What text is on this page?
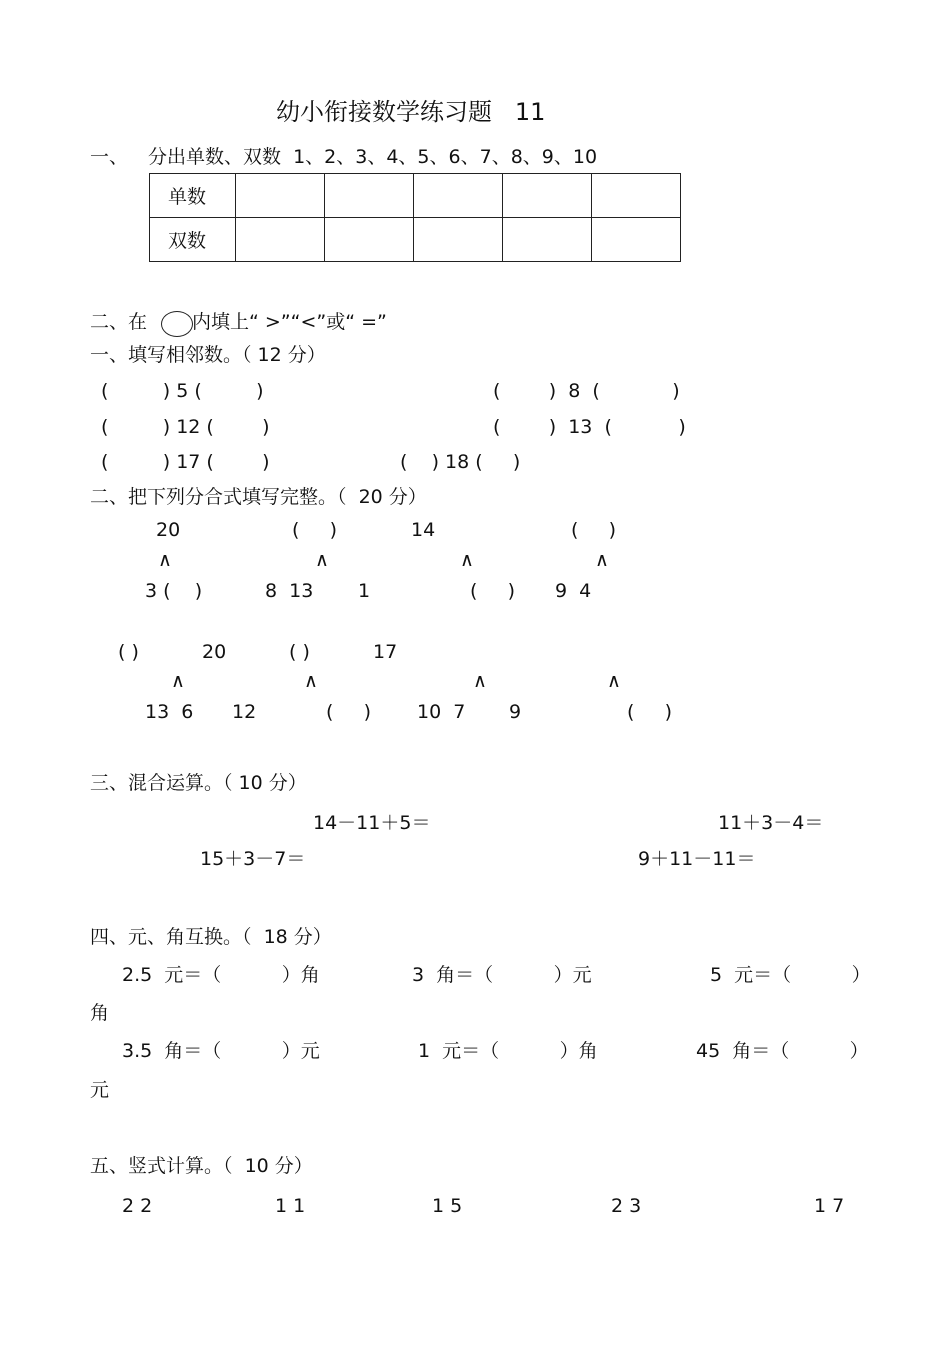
幼小衔接数学练习题   11
一、 分出单数、双数  1、2、3、4、5、6、7、8、9、10
单数					
双数					
二、在 内填上“ >”“<”或“ =”
一、填写相邻数。（ 12 分）
(         ) 5 (         )	(        )  8  (            )
(         ) 12 (        )	(        )  13  (           )
(         ) 17 (        )	(    ) 18 (     )
二、把下列分合式填写完整。（  20 分）
20	(     )	14	(     )
∧	∧	∧	∧
3 (    )	8  13 1	(     ) 9  4
( )	20	( )	17
∧	∧	∧	∧
13  6 12	(     ) 10  7 9	(     )
三、混合运算。（ 10 分）
14－11＋5＝	11＋3－4＝
15＋3－7＝	9＋11－11＝
四、元、角互换。（  18 分）
2.5  元＝（          ）角	3  角＝（          ）元	5  元＝（          ）
角
3.5  角＝（          ）元	1  元＝（          ）角	45  角＝（          ）
元
五、竖式计算。（  10 分）
2 2	1 1	1 5	2 3	1 7
